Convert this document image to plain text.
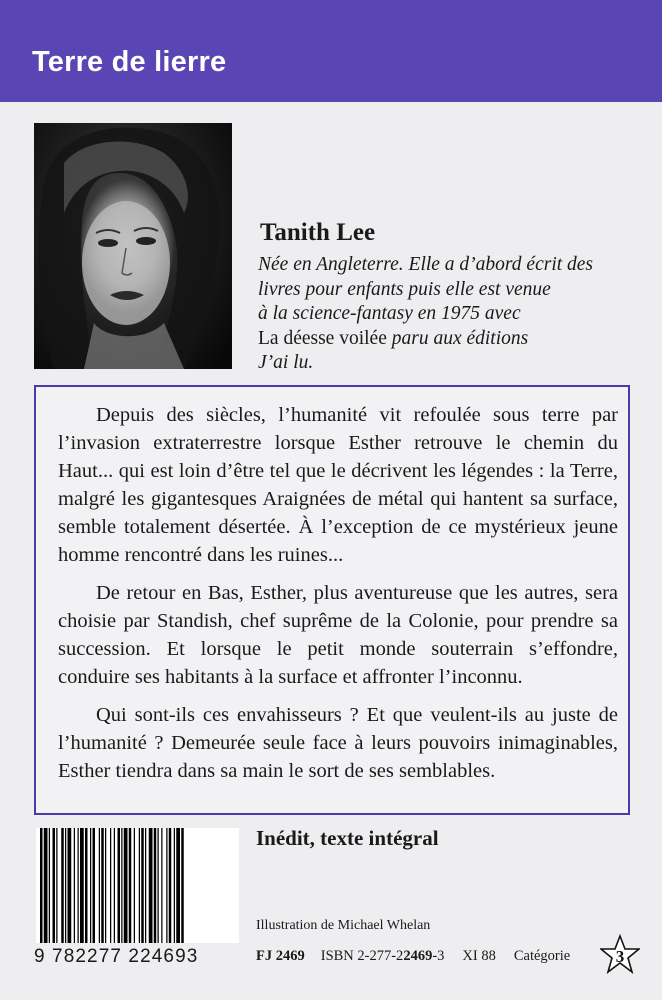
Terre de lierre
Tanith Lee
Née en Angleterre. Elle a d’abord écrit des
livres pour enfants puis elle est venue
à la science-fantasy en 1975 avec
La déesse voilée paru aux éditions
J’ai lu.

Depuis des siècles, l’humanité vit refoulée sous terre par l’invasion extraterrestre lorsque Esther retrouve le chemin du Haut... qui est loin d’être tel que le décrivent les légendes : la Terre, malgré les gigantesques Araignées de métal qui hantent sa surface, semble totalement désertée. À l’exception de ce mystérieux jeune homme rencontré dans les ruines...

De retour en Bas, Esther, plus aventureuse que les autres, sera choisie par Standish, chef suprême de la Colonie, pour prendre sa succession. Et lorsque le petit monde souterrain s’effondre, conduire ses habitants à la surface et affronter l’inconnu.

Qui sont-ils ces envahisseurs ? Et que veulent-ils au juste de l’humanité ? Demeurée seule face à leurs pouvoirs inimaginables, Esther tiendra dans sa main le sort de ses semblables.

9 782277 224693
Inédit, texte intégral
Illustration de Michael Whelan
FJ 2469 ISBN 2-277-22469-3 XI 88 Catégorie	3
